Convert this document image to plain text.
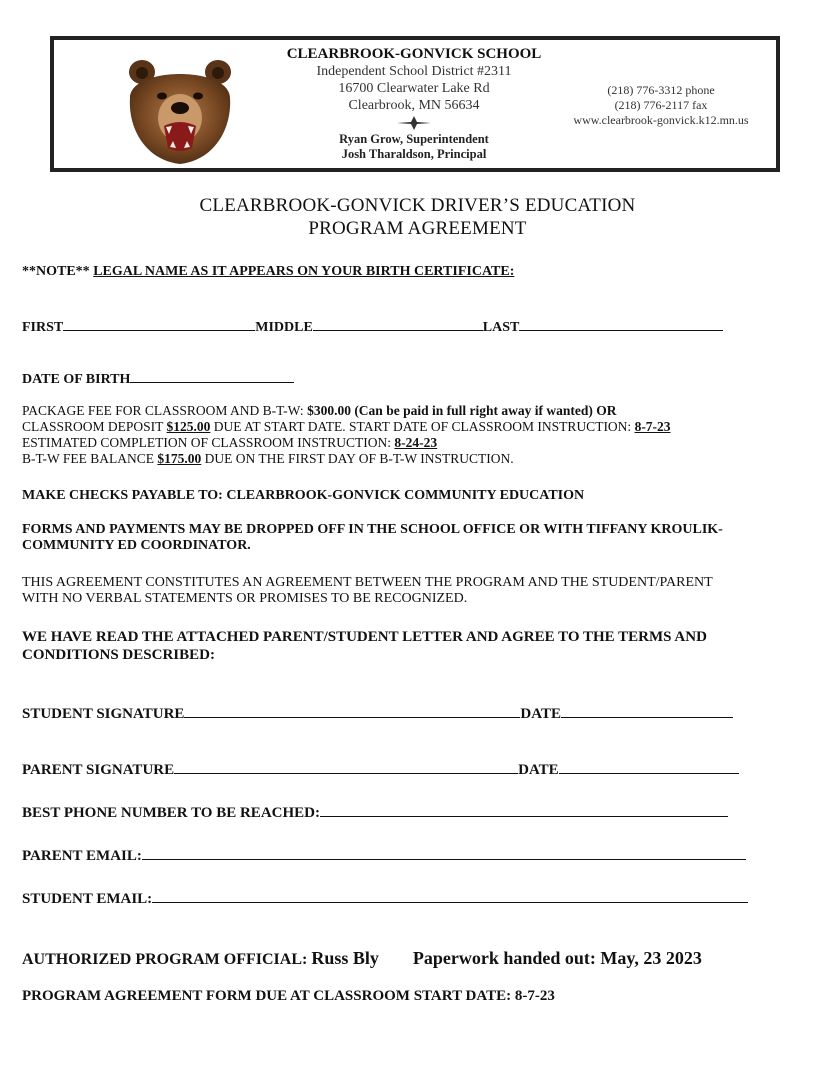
CLEARBROOK-GONVICK SCHOOL
Independent School District #2311
16700 Clearwater Lake Rd
Clearbrook, MN 56634
Ryan Grow, Superintendent
Josh Tharaldson, Principal
(218) 776-3312 phone
(218) 776-2117 fax
www.clearbrook-gonvick.k12.mn.us
CLEARBROOK-GONVICK DRIVER’S EDUCATION
PROGRAM AGREEMENT
**NOTE** LEGAL NAME AS IT APPEARS ON YOUR BIRTH CERTIFICATE:
FIRST	MIDDLE	LAST
DATE OF BIRTH
PACKAGE FEE FOR CLASSROOM AND B-T-W: $300.00 (Can be paid in full right away if wanted) OR
CLASSROOM DEPOSIT $125.00 DUE AT START DATE. START DATE OF CLASSROOM INSTRUCTION: 8-7-23
ESTIMATED COMPLETION OF CLASSROOM INSTRUCTION: 8-24-23
B-T-W FEE BALANCE $175.00 DUE ON THE FIRST DAY OF B-T-W INSTRUCTION.
MAKE CHECKS PAYABLE TO: CLEARBROOK-GONVICK COMMUNITY EDUCATION
FORMS AND PAYMENTS MAY BE DROPPED OFF IN THE SCHOOL OFFICE OR WITH TIFFANY KROULIK-
COMMUNITY ED COORDINATOR.
THIS AGREEMENT CONSTITUTES AN AGREEMENT BETWEEN THE PROGRAM AND THE STUDENT/PARENT
WITH NO VERBAL STATEMENTS OR PROMISES TO BE RECOGNIZED.
WE HAVE READ THE ATTACHED PARENT/STUDENT LETTER AND AGREE TO THE TERMS AND
CONDITIONS DESCRIBED:
STUDENT SIGNATURE	DATE
PARENT SIGNATURE	DATE
BEST PHONE NUMBER TO BE REACHED:
PARENT EMAIL:
STUDENT EMAIL:
AUTHORIZED PROGRAM OFFICIAL: Russ Bly Paperwork handed out: May, 23 2023
PROGRAM AGREEMENT FORM DUE AT CLASSROOM START DATE: 8-7-23
